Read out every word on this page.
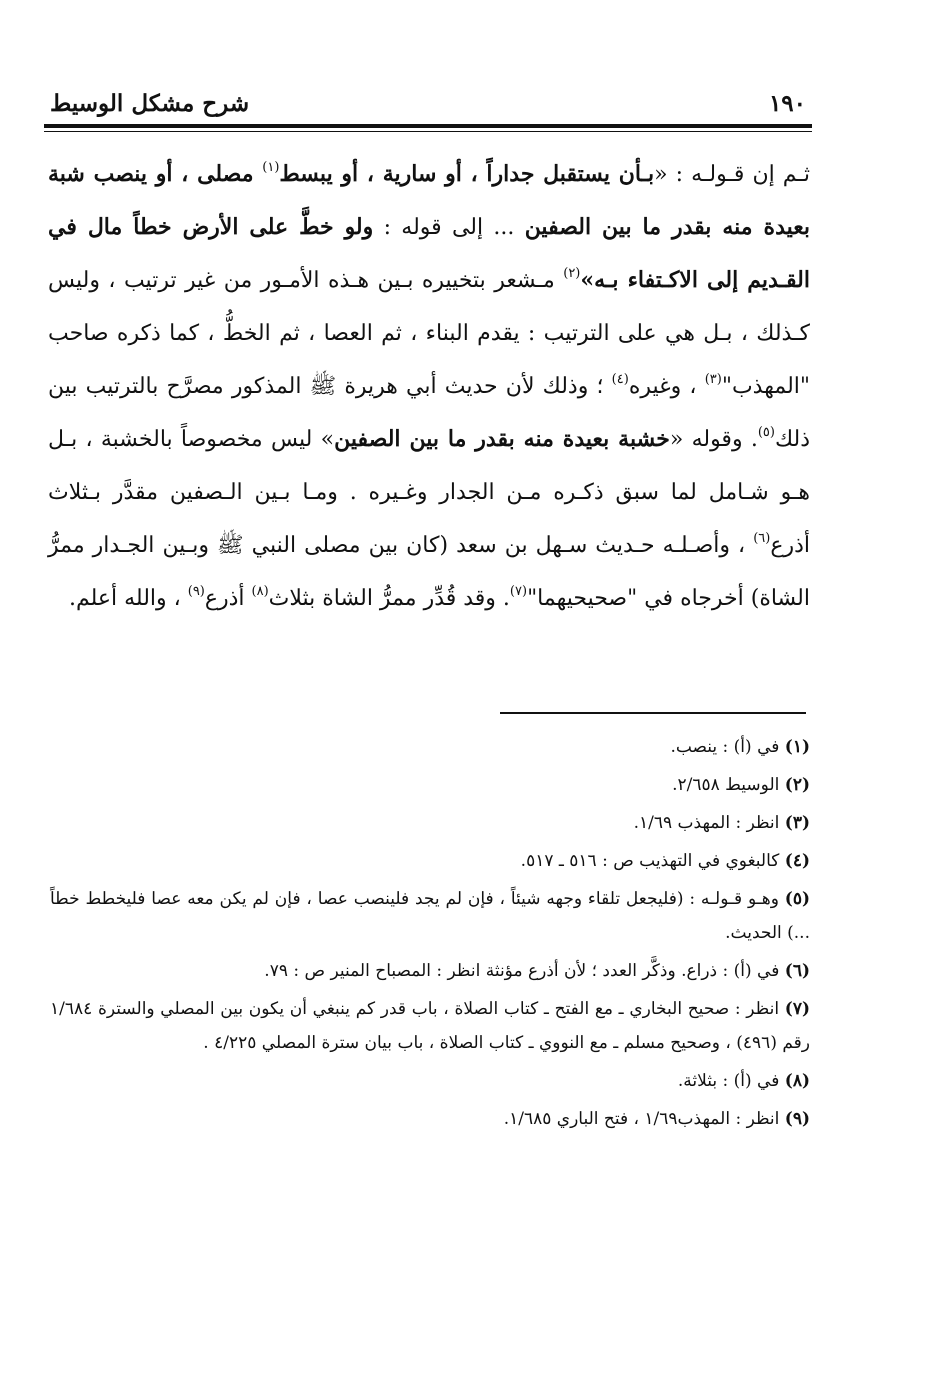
١٩٠
شرح مشكل الوسيط

ثـم إن قـولـه : «بـأن يستقبل جداراً ، أو سارية ، أو يبسط$^{(١)}$ مصلى ، أو ينصب شبة بعيدة منه بقدر ما بين الصفين ... إلى قوله : ولو خطَّ على الأرض خطاً مال في القـديم إلى الاكـتفاء بـه»$^{(٢)}$ مـشعر بتخييره بـين هـذه الأمـور من غير ترتيب ، وليس كـذلك ، بـل هي على الترتيب : يقدم البناء ، ثم العصا ، ثم الخطُّ ، كما ذكره صاحب "المهذب"$^{(٣)}$ ، وغيره$^{(٤)}$ ؛ وذلك لأن حديث أبي هريرة ﷺ المذكور مصرَّح بالترتيب بين ذلك$^{(٥)}$. وقوله «خشبة بعيدة منه بقدر ما بين الصفين» ليس مخصوصاً بالخشبة ، بـل هـو شـامل لما سبق ذكـره مـن الجدار وغـيره . ومـا بـين الـصفين مقدَّر بـثلاث أذرع$^{(٦)}$ ، وأصـلـه حـديث سـهل بن سعد (كان بين مصلى النبي ﷺ وبـين الجـدار ممرُّ الشاة) أخرجاه في "صحيحيهما"$^{(٧)}$. وقد قُدِّر ممرُّ الشاة بثلاث$^{(٨)}$ أذرع$^{(٩)}$ ، والله أعلم.

(١) في (أ) : ينصب.

(٢) الوسيط ٢/٦٥٨.

(٣) انظر : المهذب ١/٦٩.

(٤) كالبغوي في التهذيب ص : ٥١٦ ـ ٥١٧.

(٥) وهـو قـولـه : (فليجعل تلقاء وجهه شيئاً ، فإن لم يجد فلينصب عصا ، فإن لم يكن معه عصا فليخطط خطاً ...) الحديث.

(٦) في (أ) : ذراع. وذكَّر العدد ؛ لأن أذرع مؤنثة انظر : المصباح المنير ص : ٧٩.

(٧) انظر : صحيح البخاري ـ مع الفتح ـ كتاب الصلاة ، باب قدر كم ينبغي أن يكون بين المصلي والسترة ١/٦٨٤ رقم (٤٩٦) ، وصحيح مسلم ـ مع النووي ـ كتاب الصلاة ، باب بيان سترة المصلي ٤/٢٢٥ .

(٨) في (أ) : بثلاثة.

(٩) انظر : المهذب١/٦٩ ، فتح الباري ١/٦٨٥.
